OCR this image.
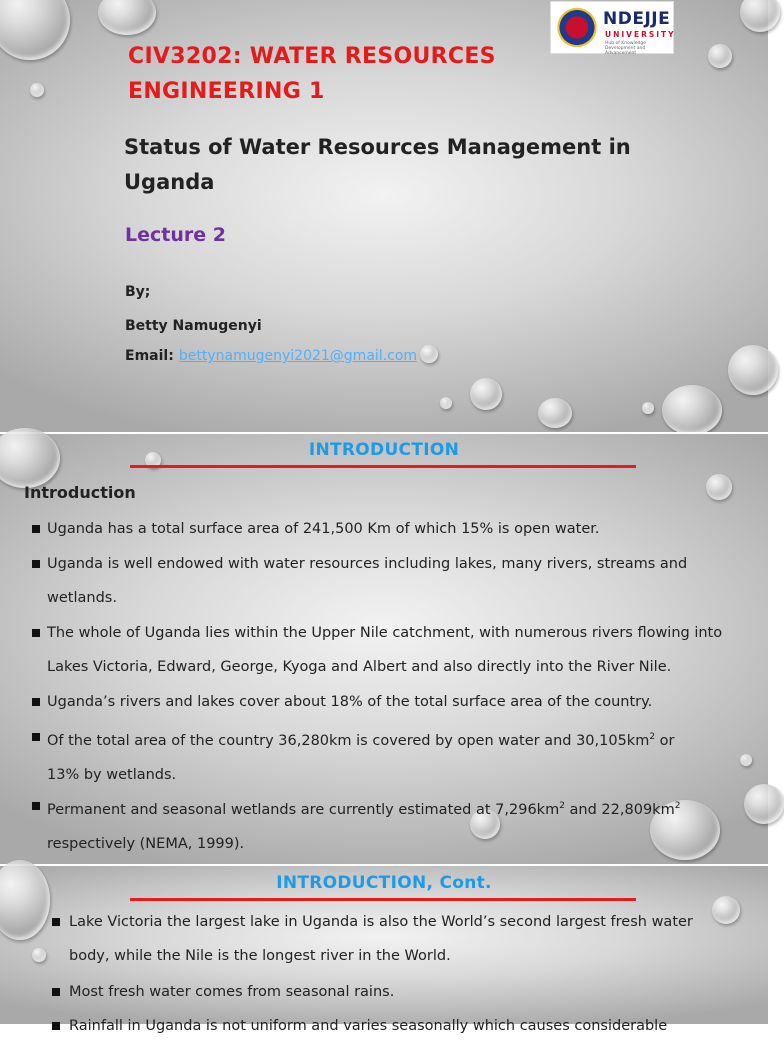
NDEJJE
UNIVERSITY
Hub of Knowledge Development and Advancement
CIV3202: WATER RESOURCES
ENGINEERING 1
Status of Water Resources Management in
Uganda
Lecture 2
By;
Betty Namugenyi
Email: bettynamugenyi2021@gmail.com
INTRODUCTION
Introduction
Uganda has a total surface area of 241,500 Km of which 15% is open water.
Uganda is well endowed with water resources including lakes, many rivers, streams and
wetlands.
The whole of Uganda lies within the Upper Nile catchment, with numerous rivers flowing into
Lakes Victoria, Edward, George, Kyoga and Albert and also directly into the River Nile.
Uganda’s rivers and lakes cover about 18% of the total surface area of the country.
Of the total area of the country 36,280km is covered by open water and $30,105km^2$ or
13% by wetlands.
Permanent and seasonal wetlands are currently estimated at $7,296km^2$ and $22,809km^2$
respectively (NEMA, 1999).
INTRODUCTION, Cont.
Lake Victoria the largest lake in Uganda is also the World’s second largest fresh water
body, while the Nile is the longest river in the World.
Most fresh water comes from seasonal rains.
Rainfall in Uganda is not uniform and varies seasonally which causes considerable
